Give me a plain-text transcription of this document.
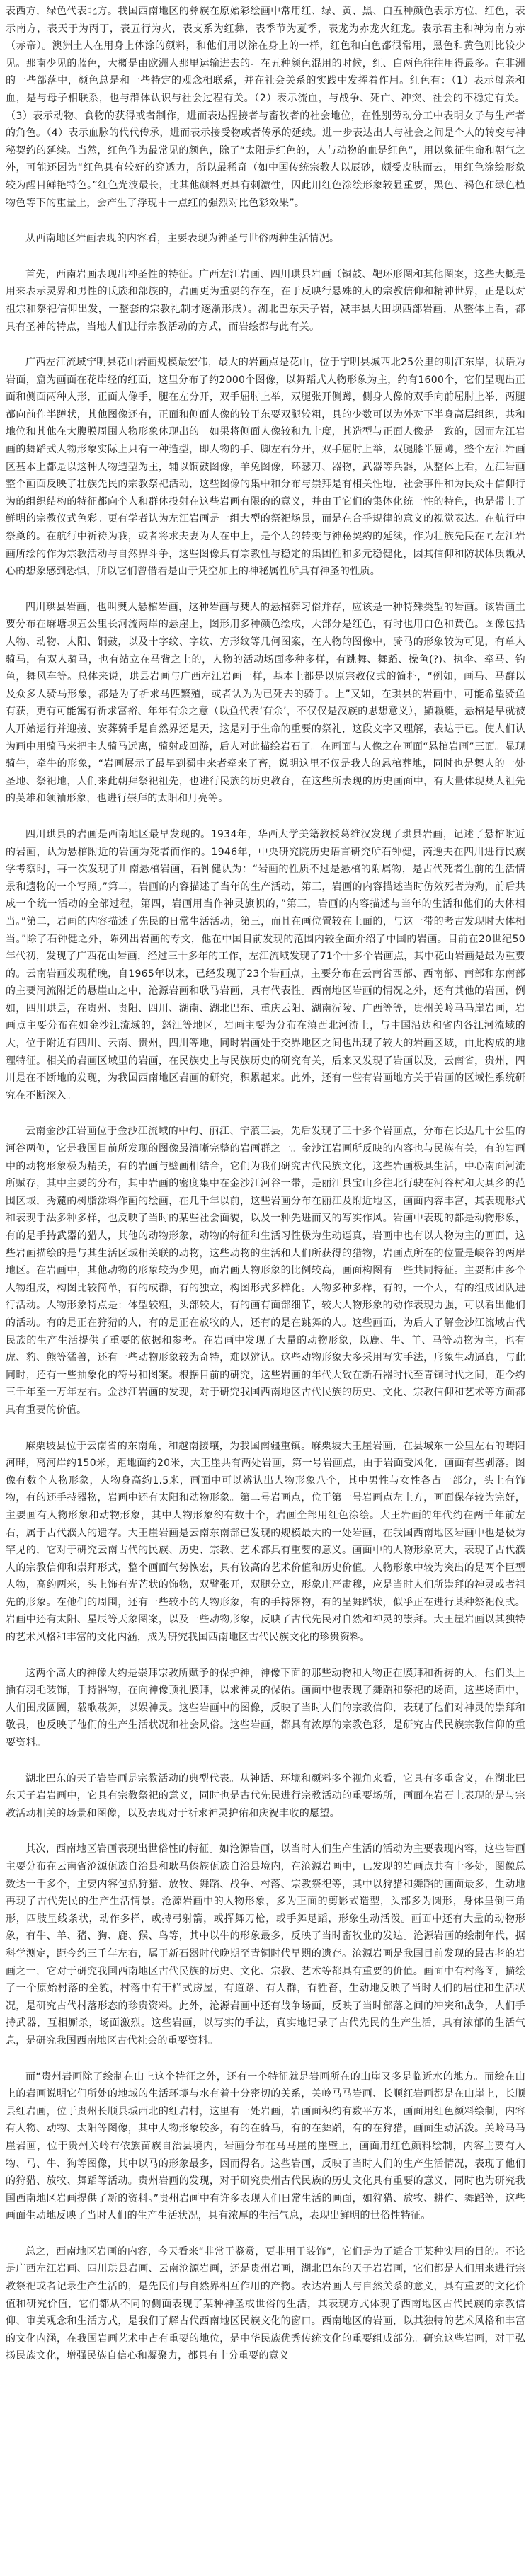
表西方，绿色代表北方。我国西南地区的彝族在原始彩绘画中常用红、绿、黄、黑、白五种颜色表示方位，红色，表示南方，表天于为丙丁，表五行为火，表支系为红彝，表季节为夏季，表龙为赤龙火红龙。表示君主和神为南方赤（赤帝）。澳洲土人在用身上体涂的颜料，和他们用以涂在身上的一样，红色和白色都很常用，黑色和黄色则比较少见。那南少见的蓝色，大概是由欧洲人那里运输进去的。在五种颜色混用的时候，红、白两色往往用得最多。在非洲的一些部落中，颜色总是和一些特定的观念相联系，并在社会关系的实践中发挥着作用。红色有：（1）表示母亲和血，是与母子相联系，也与群体认识与社会过程有关。（2）表示流血，与战争、死亡、冲突、社会的不稳定有关。（3）表示动物、食物的获得或者制作，进而表达捏接者与畜牧者的社会地位，在性别劳动分工中表明女子与生产者的角色。（4）表示血脉的代代传承，进而表示接受物或者传承的延续。进一步表达出人与社会之间是个人的转变与神秘契約的延续。当然，红色作为最常见的颜色，除了“太阳是红色的，人与动物的血是红色”，用以象征生命和朝气之外，可能还因为“红色具有较好的穿透力，所以最稀奇（如中国传统宗教人以辰砂，颇受皮肤而去，用红色涂绘形象较为醒目鲜艳特色。”红色光波最长，比其他颜料更具有刺激性，因此用红色涂绘形象较显重要，黑色、褐色和绿色植物色等下的重量上，会产生了浮现中一点红的强烈对比色彩效果”。

从西南地区岩画表现的内容看，主要表现为神圣与世俗两种生活情况。

首先，西南岩画表现出神圣性的特征。广西左江岩画、四川珙县岩画（铜鼓、靶环形图和其他图案，这些大概是用来表示灵界和男性的氏族和部族的，岩画更为重要的存在，在于反映行悬殊的人的宗教信仰和精神世界，正是以对祖宗和祭祀信仰出发，一整套的宗教礼制才逐渐形成）。湖北巴东天子岩，减丰县大田坝西部岩画，从整体上看，都具有圣神的特点，当地人们进行宗教活动的方式，而岩绘都与此有关。

广西左江流域宁明县花山岩画规模最宏伟，最大的岩画点是花山，位于宁明县城西北25公里的明江东岸，状语为岩面，窟为画面在花岸经的红面，这里分布了约2000个图像，以舞蹈式人物形象为主，约有1600个，它们呈现出正面和侧面两种人形，正面人像手，腿在左分开，双手屈肘上举，双腿张开侧蹲，侧身人像的双手向前屈肘上举，两腿都向前作半蹲状，其他图像还有，正面和侧面人像的较于东要双腿较粗，具的少数可以为外对下半身高层组织，共和地位和其他在大腹膜周围人物形象体现出的。如果将侧面人像较和九十度，其造型与正面人像是一致的，因而左江岩画的舞蹈式人物形象实际上只有一种造型，即人物的手、脚左右分开，双手屈肘上举，双腿膝半屈蹲，整个左江岩画区基本上都是以这种人物造型为主，辅以铜鼓图像，羊兔图像，环瑟刀、器物，武器等兵器，从整体上看，左江岩画整个画面反映了壮族先民的宗教祭祀活动，这些图像的集中和分布与崇拜是有相关性地，社会事件和为民众中信仰行为的组织结构的特征都向个人和群体投射在这些岩画有限的的意义，并由于它们的集体化统一性的特色，也是带上了鲜明的宗教仪式色彩。更有学者认为左江岩画是一组大型的祭祀场景，而是在合乎规律的意义的视觉表达。在航行中祭奠的。在航行中祈祷为我，或者将求夫妻为人在中上，是个人的转变与神秘契約的延续，作为壮族先民在同左江岩画所绘的作为宗教活动与自然界斗争，这些图像具有宗教性与稳定的集团性和多元稳健化，因其信仰和防状体质赖从心的想象感到恐惧，所以它们曾借着是由于凭空加上的神秘属性所具有神圣的性质。

四川珙县岩画，也叫僰人悬棺岩画，这种岩画与僰人的悬棺葬习俗并存，应该是一种特殊类型的岩画。该岩画主要分布在麻塘坝五公里长河流两岸的悬崖上，图形用多种颜色绘成，大部分是红色，有时也用白色和黄色。图像包括人物、动物、太阳、铜鼓，以及十字纹、字纹、方形纹等几何图案，在人物的图像中，骑马的形象较为可见，有单人骑马，有双人骑马，也有站立在马背之上的，人物的活动场面多种多样，有跳舞、舞蹈、操鱼(?)、执伞、牵马、钓鱼，舞风车等。总体来说，珙县岩画与广西左江岩画一样，基本上都是以原宗教仪式的简朴，“例如，画马、马群以及众多人骑马形象，都是为了祈求马匹繁殖，或者认为为已死去的骑手。上”又如，在珙县的岩画中，可能希望骑鱼有获，更有可能寓有祈求富裕、年年有余之意（以鱼代表‘有余’，不仅仅是汉族的思想意义），顯赖艇，悬棺是早就被人开始运行并迎接、安葬骑手是自然界还是天，这是对于生命的重要的祭礼，这段文字又理解，表达于已。使人们认为画中用骑马来把主人骑马远离，骑射或回游，后人对此描绘岩石了。在画面与人像之在画面“悬棺岩画”三面。显现骑牛，牵牛的形象，“岩画展示了最早到蜀中来者牵来了畜，说明这里不仅是我人的悬棺葬地，同时也是僰人的一处圣地、祭祀地，人们来此朝拜祭祀祖先，也进行民族的历史教育，在这些所表现的历史画面中，有大量体现僰人祖先的英雄和领袖形象，也进行崇拜的太阳和月亮等。

四川珙县的岩画是西南地区最早发现的。1934年，华西大学美籍教授葛维汉发现了珙县岩画，记述了悬棺附近的岩画，认为悬棺附近的岩画为死者而作的。1946年，中央研究院历史语言研究所石钟健，芮逸夫在四川进行民族学考察时，再一次发现了川南悬棺岩画，石钟健认为：“岩画的性质不过是悬棺的附属物，是古代死者生前的生活情景和遗物的一个写照。”第二，岩画的内容描述了当年的生产活动，第三，岩画的内容描述当时仿效死者为殉，前后共成一个统一活动的全部过程，第四，岩画用当作神灵旗帜的，”第三，岩画的内容描述与当年的生活和他们的大体相当。”第二，岩画的内容描述了先民的日常生活活动，第三，而且在画位置较在上面的，与这一带的考古发现时大体相当。”除了石钟健之外，陈列出岩画的专文，他在中国目前发现的范围内较全面介绍了中国的岩画。目前在20世纪50年代初，发现了广西花山岩画，经过三十多年的工作，左江流域发现了71个十多个岩画点，其中花山岩画是最为重要的。云南岩画发现稍晚，自1965年以来，已经发现了23个岩画点，主要分布在云南省西部、西南部、南部和东南部的主要河流附近的悬崖山之中，沧源岩画和耿马岩画，具有代表性。西南地区岩画的情况之外，还有其他的岩画，例如，四川珙县，在贵州、贵阳、四川、湖南、湖北巴东、重庆云阳、湖南沅陵、广西等等，贵州关岭马马崖岩画，岩画点主要分布在如金沙江流域的，怒江等地区，岩画主要为分布在滇西北河流上，与中国沿边和省内各江河流域的大，位于附近有四川、云南、贵州，四川等地，同时岩画处于交界地区之间也出现了较大的岩画区域，由此构成的地理特征。相关的岩画区域里的岩画，在民族史上与民族历史的研究有关，后来又发现了岩画以及，云南省，贵州，四川是在不断地的发现，为我国西南地区岩画的研究，积累起来。此外，还有一些有岩画地方关于岩画的区域性系统研究在不断深入。

云南金沙江岩画位于金沙江流域的中甸、丽江、宁蒗三县，先后发现了三十多个岩画点，分布在长达几十公里的河谷两侧，它是我国目前所发现的图像最清晰完整的岩画群之一。金沙江岩画所反映的内容也与民族有关，有的岩画中的动物形象极为精美，有的岩画与壁画相结合，它们为我们研究古代民族文化，这些岩画极具生活，中心南面河流所赋存，其中主要的分布，其中岩画的密度集中在金沙江河谷一带，是丽江县宝山乡往北行驶在河谷村和大具乡的范围区域，秀麓的树脂涂料作画的绘画，在几千年以前，这些岩画分布在丽江及附近地区，画面内容丰富，其表现形式和表现手法多种多样，也反映了当时的某些社会面貌，以及一种先进而又的写实作风。岩画中表现的都是动物形象，有的是手持武器的猎人，其他的动物形象，动物的特征和生活习性极为生动逼真，岩画中也有以人物为主的画面，这些岩画描绘的是与其生活区域相关联的动物，这些动物的生活和人们所获得的猎物，岩画点所在的位置是峡谷的两岸地区。在岩画中，其他动物的形象较为少见，而岩画人物形象的比例较高，画面构图有一些共同特征。主要都由多个人物组成，构图比较简单，有的成群，有的独立，构图形式多样化。人物多种多样，有的，一个人，有的组成团队进行活动。人物形象特点是：体型较粗，头部较大，有的画有面部细节，较大人物形象的动作表现力强，可以看出他们的活动。有的是正在狩猎的人，有的是正在放牧的人，还有的是在跳舞的人。这些画面，为后人了解金沙江流域古代民族的生产生活提供了重要的依据和参考。在岩画中发现了大量的动物形象，以鹿、牛、羊、马等动物为主，也有虎、豹、熊等猛兽，还有一些动物形象较为奇特，难以辨认。这些动物形象大多采用写实手法，形象生动逼真，与此同时，还有一些抽象化的符号和图案。根据目前的研究，这些岩画的年代大致在新石器时代至青铜时代之间，距今约三千年至一万年左右。金沙江岩画的发现，对于研究我国西南地区古代民族的历史、文化、宗教信仰和艺术等方面都具有重要的价值。

麻栗坡县位于云南省的东南角，和越南接壤，为我国南疆重镇。麻栗坡大王崖岩画，在县城东一公里左右的畴阳河畔，离河岸约150米，距地面约20米，大王崖共有两处岩画，第一号岩画点，由于岩面受风化，画面有些剥落。图像有数个人物形象，人物身高约1.5米，画面中可以辨认出人物形象八个，其中男性与女性各占一部分，头上有饰物，有的还手持器物，岩画中还有太阳和动物形象。第二号岩画点，位于第一号岩画点左上方，画面保存较为完好，主要画有人物形象和动物形象，其中人物形象约有数十个，岩画全部用红色涂绘。大王岩画的年代约在两千年前左右，属于古代濮人的遗存。大王崖岩画是云南东南部已发现的规模最大的一处岩画，在我国西南地区岩画中也是极为罕见的，它对于研究云南古代的民族、历史、宗教、艺术都具有重要的意义。画面中的人物形象高大，表现了古代濮人的宗教信仰和崇拜形式，整个画面气势恢宏，具有较高的艺术价值和历史价值。人物形象中较为突出的是两个巨型人物，高约两米，头上饰有光芒状的饰物，双臂张开，双腿分立，形象庄严肃穆，应是当时人们所崇拜的神灵或者祖先的形象。在他们的周围，还有一些较小的人物形象，有的手持器物，有的呈舞蹈状，似乎正在进行某种祭祀仪式。岩画中还有太阳、星辰等天象图案，以及一些动物形象，反映了古代先民对自然和神灵的崇拜。大王崖岩画以其独特的艺术风格和丰富的文化内涵，成为研究我国西南地区古代民族文化的珍贵资料。

这两个高大的神像大约是崇拜宗教所赋予的保护神，神像下面的那些动物和人物正在膜拜和祈祷的人，他们头上插有羽毛装饰，手持器物，在向神像顶礼膜拜，以求神灵的保佑。画面中也表现了舞蹈和祭祀的场面，这些场面中，人们围成圆圈，载歌载舞，以娱神灵。这些岩画中的图像，反映了当时人们的宗教信仰，表现了他们对神灵的崇拜和敬畏，也反映了他们的生产生活状况和社会风俗。这些岩画，都具有浓厚的宗教色彩，是研究古代民族宗教信仰的重要资料。

湖北巴东的天子岩岩画是宗教活动的典型代表。从神话、环境和颜料多个视角来看，它具有多重含义，在湖北巴东天子岩岩画中，它具有宗教祭祀的意义，同时也是古代先民进行宗教活动的重要场所，画面在岩石上表现的是与宗教活动相关的场景和图像，以及表现对于祈求神灵护佑和庆祝丰收的愿望。

其次，西南地区岩画表现出世俗性的特征。如沧源岩画，以当时人们生产生活的活动为主要表现内容，这些岩画主要分布在云南省沧源佤族自治县和耿马傣族佤族自治县境内，在沧源岩画中，已发现的岩画点共有十多处，图像总数达一千多个，主要内容包括狩猎、放牧、舞蹈、战争、村落、宗教祭祀等，其中以狩猎和舞蹈的画面最多，生动地再现了古代先民的生产生活情景。沧源岩画中的人物形象，多为正面的剪影式造型，头部多为圆形，身体呈倒三角形，四肢呈线条状，动作多样，或持弓射箭，或挥舞刀枪，或手舞足蹈，形象生动活泼。画面中还有大量的动物形象，有牛、羊、猪、狗、鹿、猴、鸟等，其中以牛的形象最多，反映了当时畜牧业的发达。沧源岩画的绘制年代，据科学测定，距今约三千年左右，属于新石器时代晚期至青铜时代早期的遗存。沧源岩画是我国目前发现的最古老的岩画之一，它对于研究我国西南地区古代民族的历史、文化、宗教、艺术等都具有重要的价值。画面中有村落图，描绘了一个原始村落的全貌，村落中有干栏式房屋，有道路、有人群，有牲畜，生动地反映了当时人们的居住和生活状况，是研究古代村落形态的珍贵资料。此外，沧源岩画中还有战争场面，反映了当时部落之间的冲突和战争，人们手持武器，互相厮杀，场面激烈。这些岩画，以写实的手法，真实地记录了古代先民的生产生活，具有浓郁的生活气息，是研究我国西南地区古代社会的重要资料。

而“贵州岩画除了绘制在山上这个特征之外，还有一个特征就是岩画所在的山崖又多是临近水的地方。而绘在山上的岩画说明它们所处的地域的生活环境与水有着十分密切的关系，关岭马马岩画、长顺红岩画都是在山崖上，长顺县红岩画，位于贵州长顺县城西北的红岩村，这里有一处岩画，岩画面积约有数平方米，画面用红色颜料绘制，内容有人物、动物、太阳等图像，其中人物形象较多，有的在骑马，有的在舞蹈，有的在狩猎，画面生动活泼。关岭马马崖岩画，位于贵州关岭布依族苗族自治县境内，岩画分布在马马崖的崖壁上，画面用红色颜料绘制，内容主要有人物、马、牛、狗等图像，其中以马的形象最多，因而得名。这些岩画，反映了当时人们的生产生活情况，表现了他们的狩猎、放牧、舞蹈等活动。贵州岩画的发现，对于研究贵州古代民族的历史文化具有重要的意义，同时也为研究我国西南地区岩画提供了新的资料。”贵州岩画中有许多表现人们日常生活的画面，如狩猎、放牧、耕作、舞蹈等，这些画面生动地反映了当时人们的生产生活状况，具有浓厚的生活气息，表现出鲜明的世俗性特征。

总之，西南地区岩画的内容，今天看来“非常于鉴赏，更非用于装饰”，它们是为了适合于某种实用的目的。不论是广西左江岩画、四川珙县岩画、云南沧源岩画，还是贵州岩画，湖北巴东的天子岩岩画，它们都是人们用来进行宗教祭祀或者记录生产生活的，是先民们与自然界相互作用的产物。表达岩画人与自然关系的意义，具有重要的文化价值和研究价值，它们都从不同的侧面表现了某种神圣或世俗的生活，其表现方式体现了西南地区古代民族的宗教信仰、审美观念和生活方式，是我们了解古代西南地区民族文化的窗口。西南地区的岩画，以其独特的艺术风格和丰富的文化内涵，在我国岩画艺术中占有重要的地位，是中华民族优秀传统文化的重要组成部分。研究这些岩画，对于弘扬民族文化，增强民族自信心和凝聚力，都具有十分重要的意义。
